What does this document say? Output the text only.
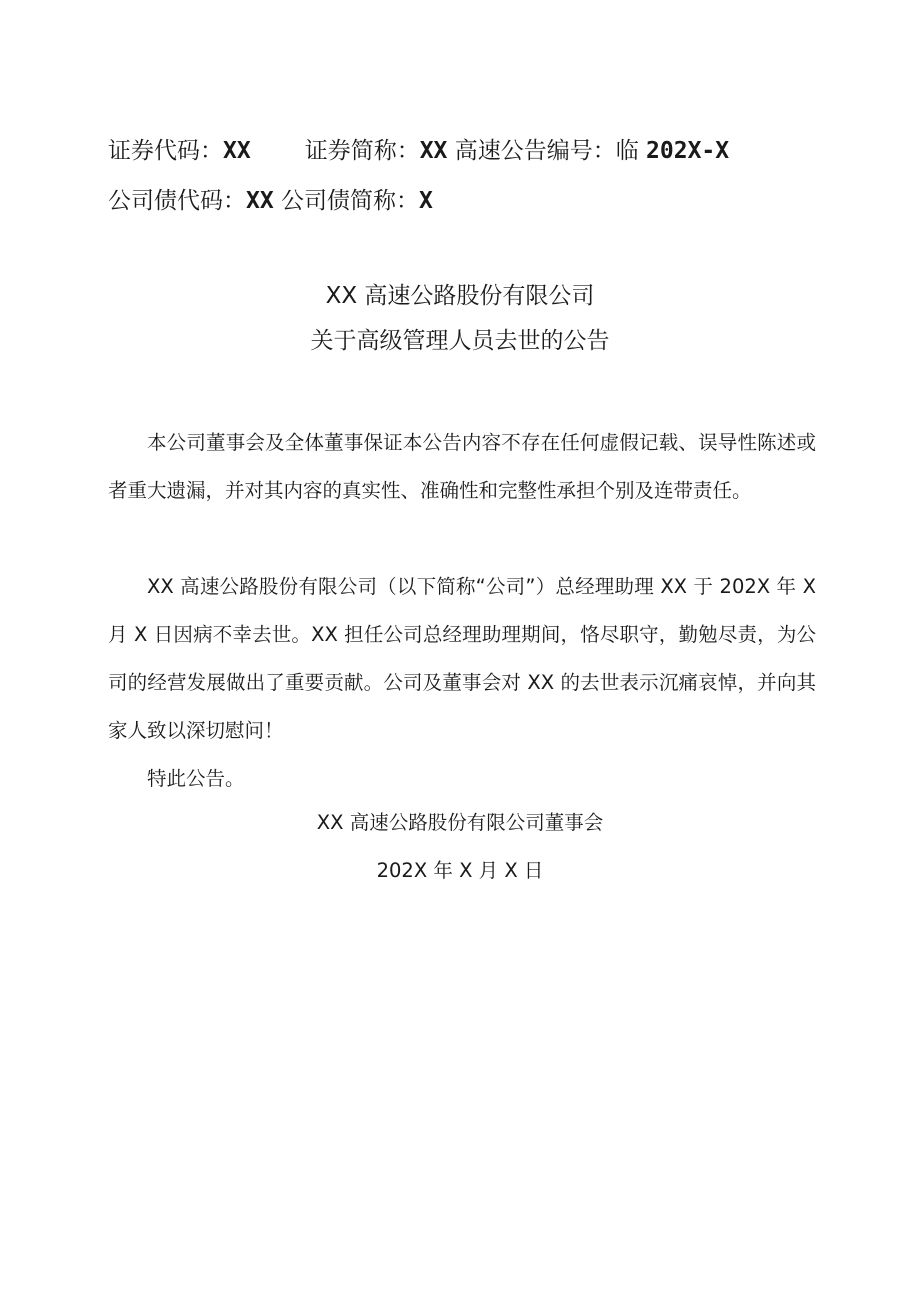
证券代码：XX 证券简称：XX 高速公告编号：临 202X-X
公司债代码：XX 公司债简称：X
XX 高速公路股份有限公司
关于高级管理人员去世的公告

本公司董事会及全体董事保证本公告内容不存在任何虚假记载、误导性陈述或者重大遗漏，并对其内容的真实性、准确性和完整性承担个别及连带责任。

XX 高速公路股份有限公司（以下简称“公司”）总经理助理 XX 于 202X 年 X 月 X 日因病不幸去世。XX 担任公司总经理助理期间，恪尽职守，勤勉尽责，为公司的经营发展做出了重要贡献。公司及董事会对 XX 的去世表示沉痛哀悼，并向其家人致以深切慰问！

特此公告。

XX 高速公路股份有限公司董事会
202X 年 X 月 X 日
